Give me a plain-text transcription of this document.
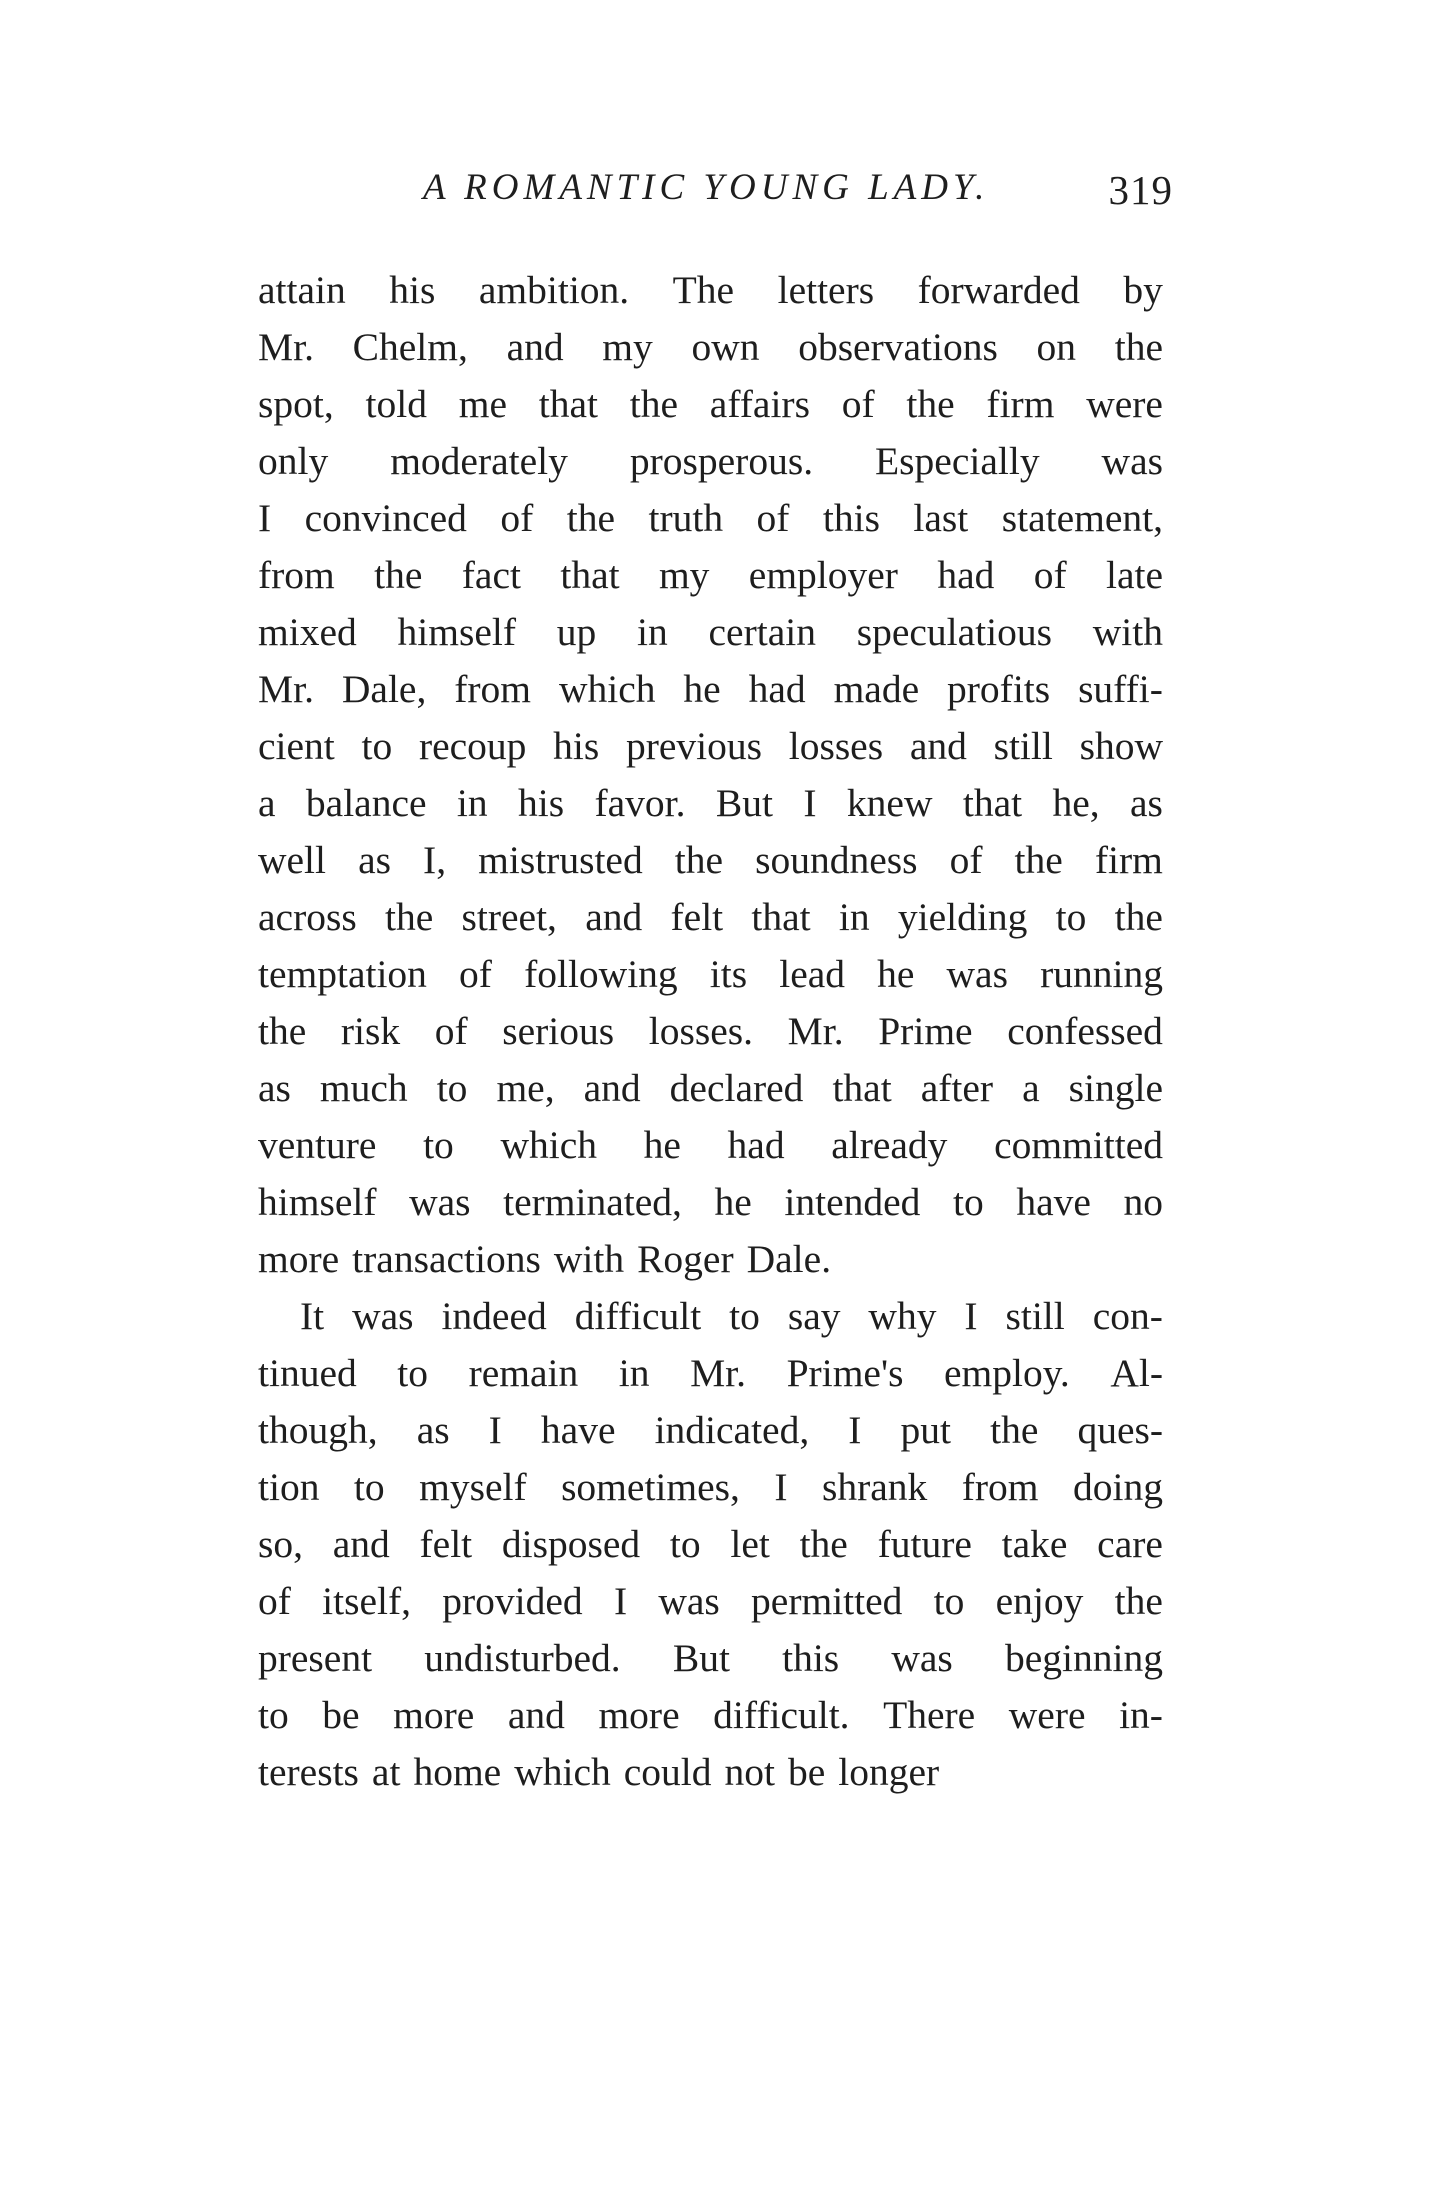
A ROMANTIC YOUNG LADY.	319
attain his ambition. The letters forwarded by
Mr. Chelm, and my own observations on the
spot, told me that the affairs of the firm were
only moderately prosperous. Especially was
I convinced of the truth of this last statement,
from the fact that my employer had of late
mixed himself up in certain speculatious with
Mr. Dale, from which he had made profits suffi-
cient to recoup his previous losses and still show
a balance in his favor. But I knew that he, as
well as I, mistrusted the soundness of the firm
across the street, and felt that in yielding to the
temptation of following its lead he was running
the risk of serious losses. Mr. Prime confessed
as much to me, and declared that after a single
venture to which he had already committed
himself was terminated, he intended to have no
more transactions with Roger Dale.
It was indeed difficult to say why I still con-
tinued to remain in Mr. Prime's employ. Al-
though, as I have indicated, I put the ques-
tion to myself sometimes, I shrank from doing
so, and felt disposed to let the future take care
of itself, provided I was permitted to enjoy the
present undisturbed. But this was beginning
to be more and more difficult. There were in-
terests at home which could not be longer
